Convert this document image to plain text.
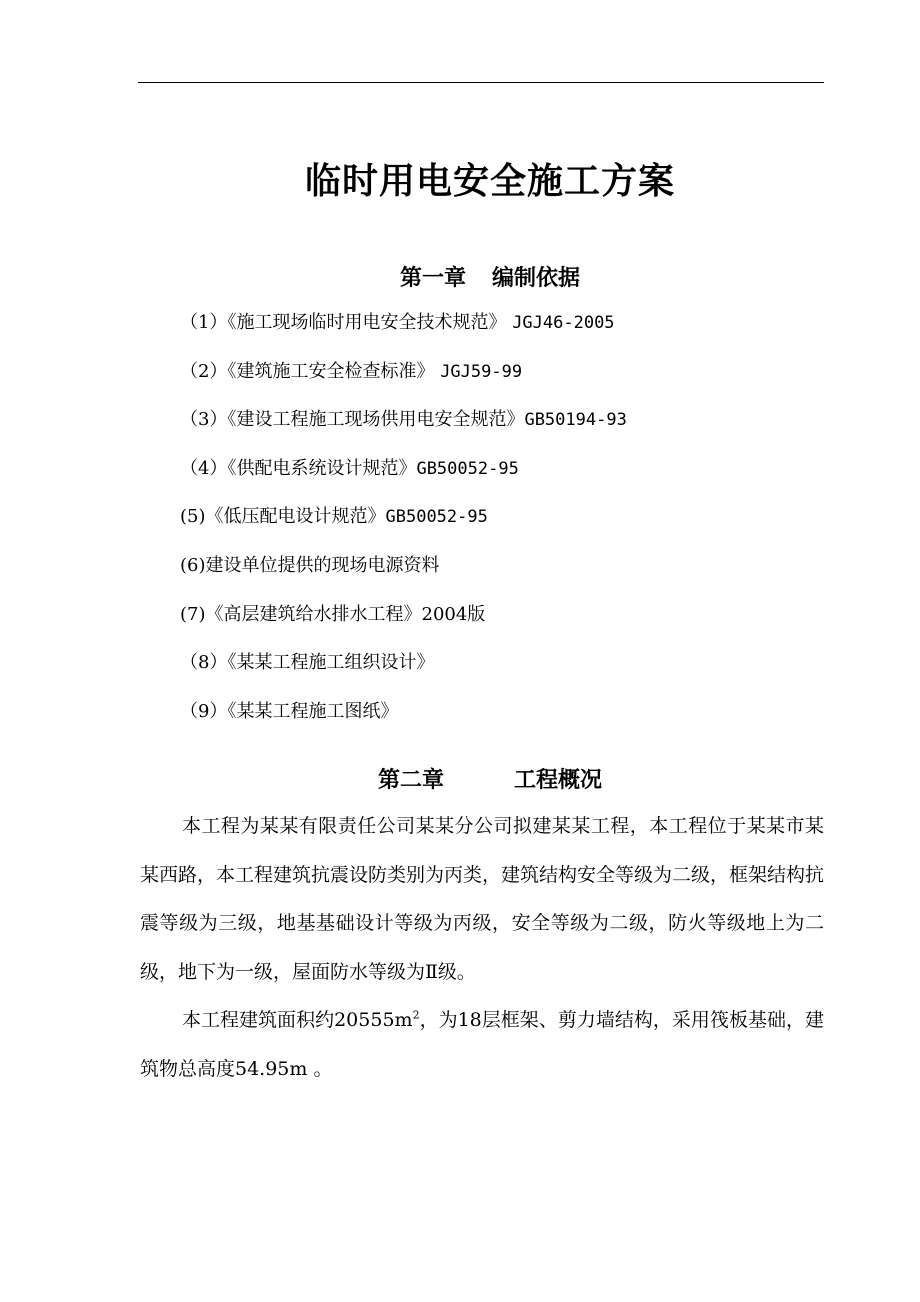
临时用电安全施工方案
第一章 编制依据
（1）《施工现场临时用电安全技术规范》 JGJ46-2005
（2）《建筑施工安全检查标准》 JGJ59-99
（3）《建设工程施工现场供用电安全规范》GB50194-93
（4）《供配电系统设计规范》GB50052-95
(5)《低压配电设计规范》GB50052-95
(6)建设单位提供的现场电源资料
(7)《高层建筑给水排水工程》2004版
（8）《某某工程施工组织设计》
（9）《某某工程施工图纸》
第二章	工程概况

本工程为某某有限责任公司某某分公司拟建某某工程，本工程位于某某市某某西路，本工程建筑抗震设防类别为丙类，建筑结构安全等级为二级，框架结构抗震等级为三级，地基基础设计等级为丙级，安全等级为二级，防火等级地上为二级，地下为一级，屋面防水等级为Ⅱ级。

本工程建筑面积约$20555m^2$，为18层框架、剪力墙结构，采用筏板基础，建筑物总高度54.95m 。
